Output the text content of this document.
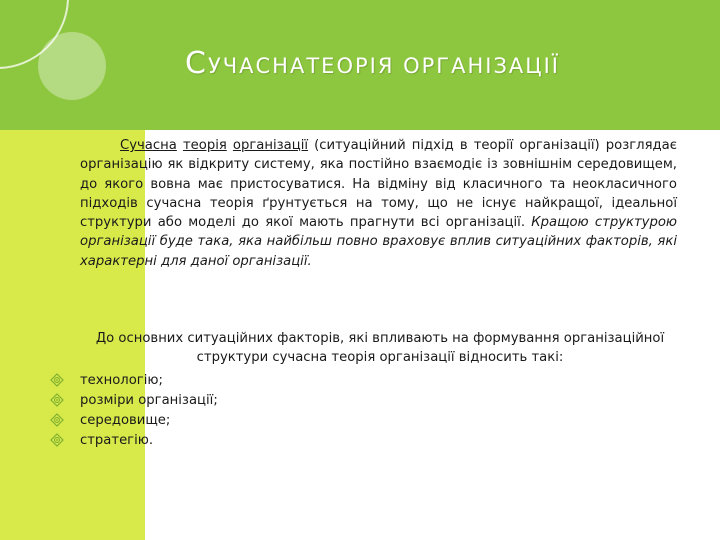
СУЧАСНАТЕОРІЯ ОРГАНІЗАЦІЇ
Сучасна теорія організації (ситуаційний підхід в теорії організації) розглядає організацію як відкриту систему, яка постійно взаємодіє із зовнішнім середовищем, до якого вовна має пристосуватися. На відміну від класичного та неокласичного підходів сучасна теорія ґрунтується на тому, що не існує найкращої, ідеальної структури або моделі до якої мають прагнути всі організації. Кращою структурою організації буде така, яка найбільш повно враховує вплив ситуаційних факторів, які характерні для даної організації.
До основних ситуаційних факторів, які впливають на формування організаційної структури сучасна теорія організації відносить такі:
технологію;
розміри організації;
середовище;
стратегію.
